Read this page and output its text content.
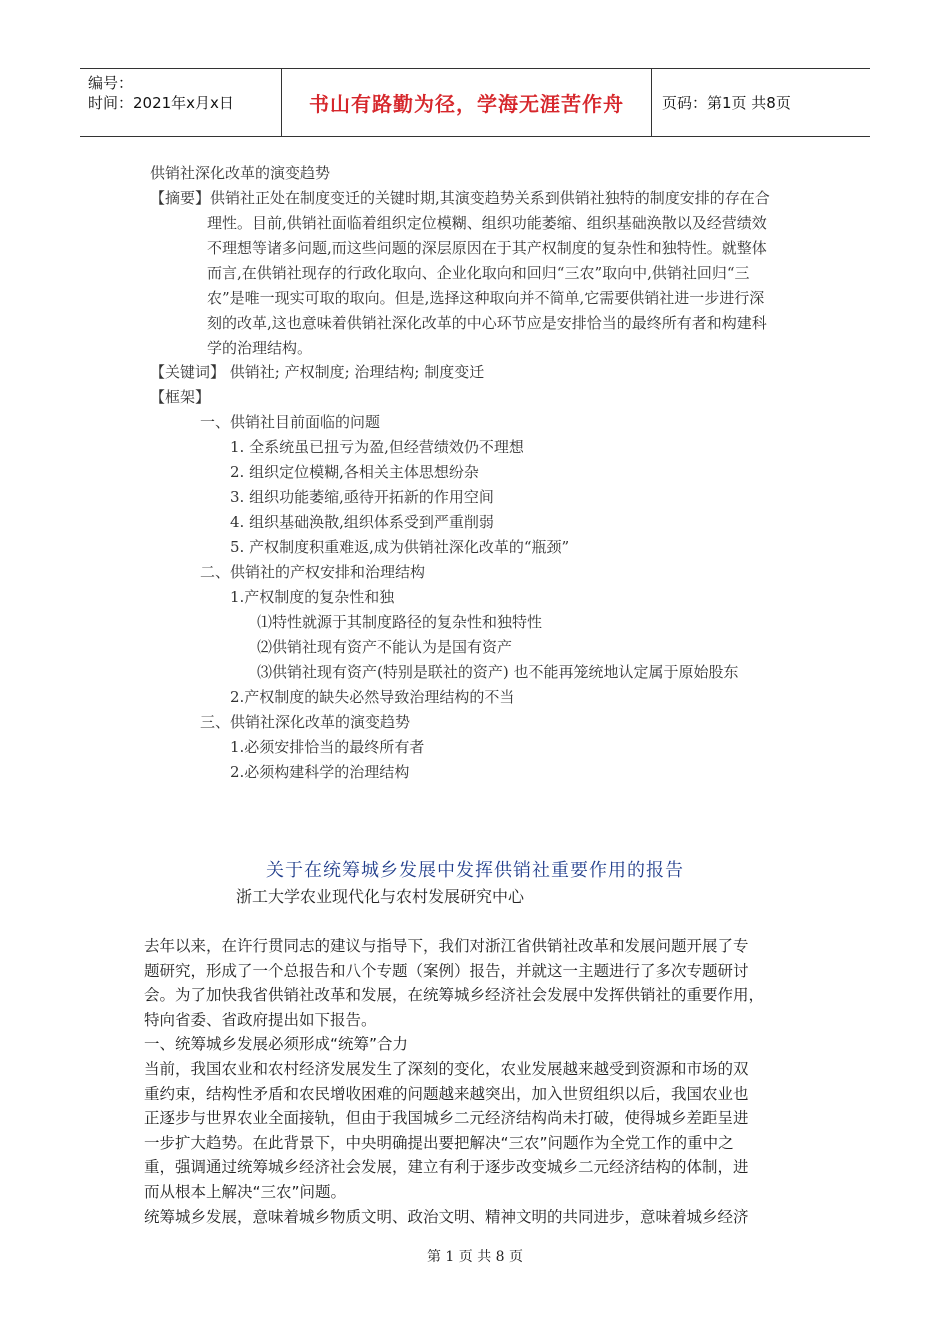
编号：
时间：2021年x月x日	书山有路勤为径，学海无涯苦作舟	页码：第1页 共8页
供销社深化改革的演变趋势
【摘要】供销社正处在制度变迁的关键时期,其演变趋势关系到供销社独特的制度安排的存在合
理性。目前,供销社面临着组织定位模糊、组织功能萎缩、组织基础涣散以及经营绩效
不理想等诸多问题,而这些问题的深层原因在于其产权制度的复杂性和独特性。就整体
而言,在供销社现存的行政化取向、企业化取向和回归“三农”取向中,供销社回归“三
农”是唯一现实可取的取向。但是,选择这种取向并不简单,它需要供销社进一步进行深
刻的改革,这也意味着供销社深化改革的中心环节应是安排恰当的最终所有者和构建科
学的治理结构。
【关键词】 供销社; 产权制度; 治理结构; 制度变迁
【框架】
一、供销社目前面临的问题
1. 全系统虽已扭亏为盈,但经营绩效仍不理想
2. 组织定位模糊,各相关主体思想纷杂
3. 组织功能萎缩,亟待开拓新的作用空间
4. 组织基础涣散,组织体系受到严重削弱
5. 产权制度积重难返,成为供销社深化改革的“瓶颈”
二、供销社的产权安排和治理结构
1.产权制度的复杂性和独
⑴特性就源于其制度路径的复杂性和独特性
⑵供销社现有资产不能认为是国有资产
⑶供销社现有资产(特别是联社的资产) 也不能再笼统地认定属于原始股东
2.产权制度的缺失必然导致治理结构的不当
三、供销社深化改革的演变趋势
1.必须安排恰当的最终所有者
2.必须构建科学的治理结构
关于在统筹城乡发展中发挥供销社重要作用的报告
浙工大学农业现代化与农村发展研究中心
去年以来，在许行贯同志的建议与指导下，我们对浙江省供销社改革和发展问题开展了专
题研究，形成了一个总报告和八个专题（案例）报告，并就这一主题进行了多次专题研讨
会。为了加快我省供销社改革和发展，在统筹城乡经济社会发展中发挥供销社的重要作用，
特向省委、省政府提出如下报告。
一、统筹城乡发展必须形成“统筹”合力
当前，我国农业和农村经济发展发生了深刻的变化，农业发展越来越受到资源和市场的双
重约束，结构性矛盾和农民增收困难的问题越来越突出，加入世贸组织以后，我国农业也
正逐步与世界农业全面接轨，但由于我国城乡二元经济结构尚未打破，使得城乡差距呈进
一步扩大趋势。在此背景下，中央明确提出要把解决“三农”问题作为全党工作的重中之
重，强调通过统筹城乡经济社会发展，建立有利于逐步改变城乡二元经济结构的体制，进
而从根本上解决“三农”问题。
统筹城乡发展，意味着城乡物质文明、政治文明、精神文明的共同进步，意味着城乡经济
第 1 页 共 8 页
